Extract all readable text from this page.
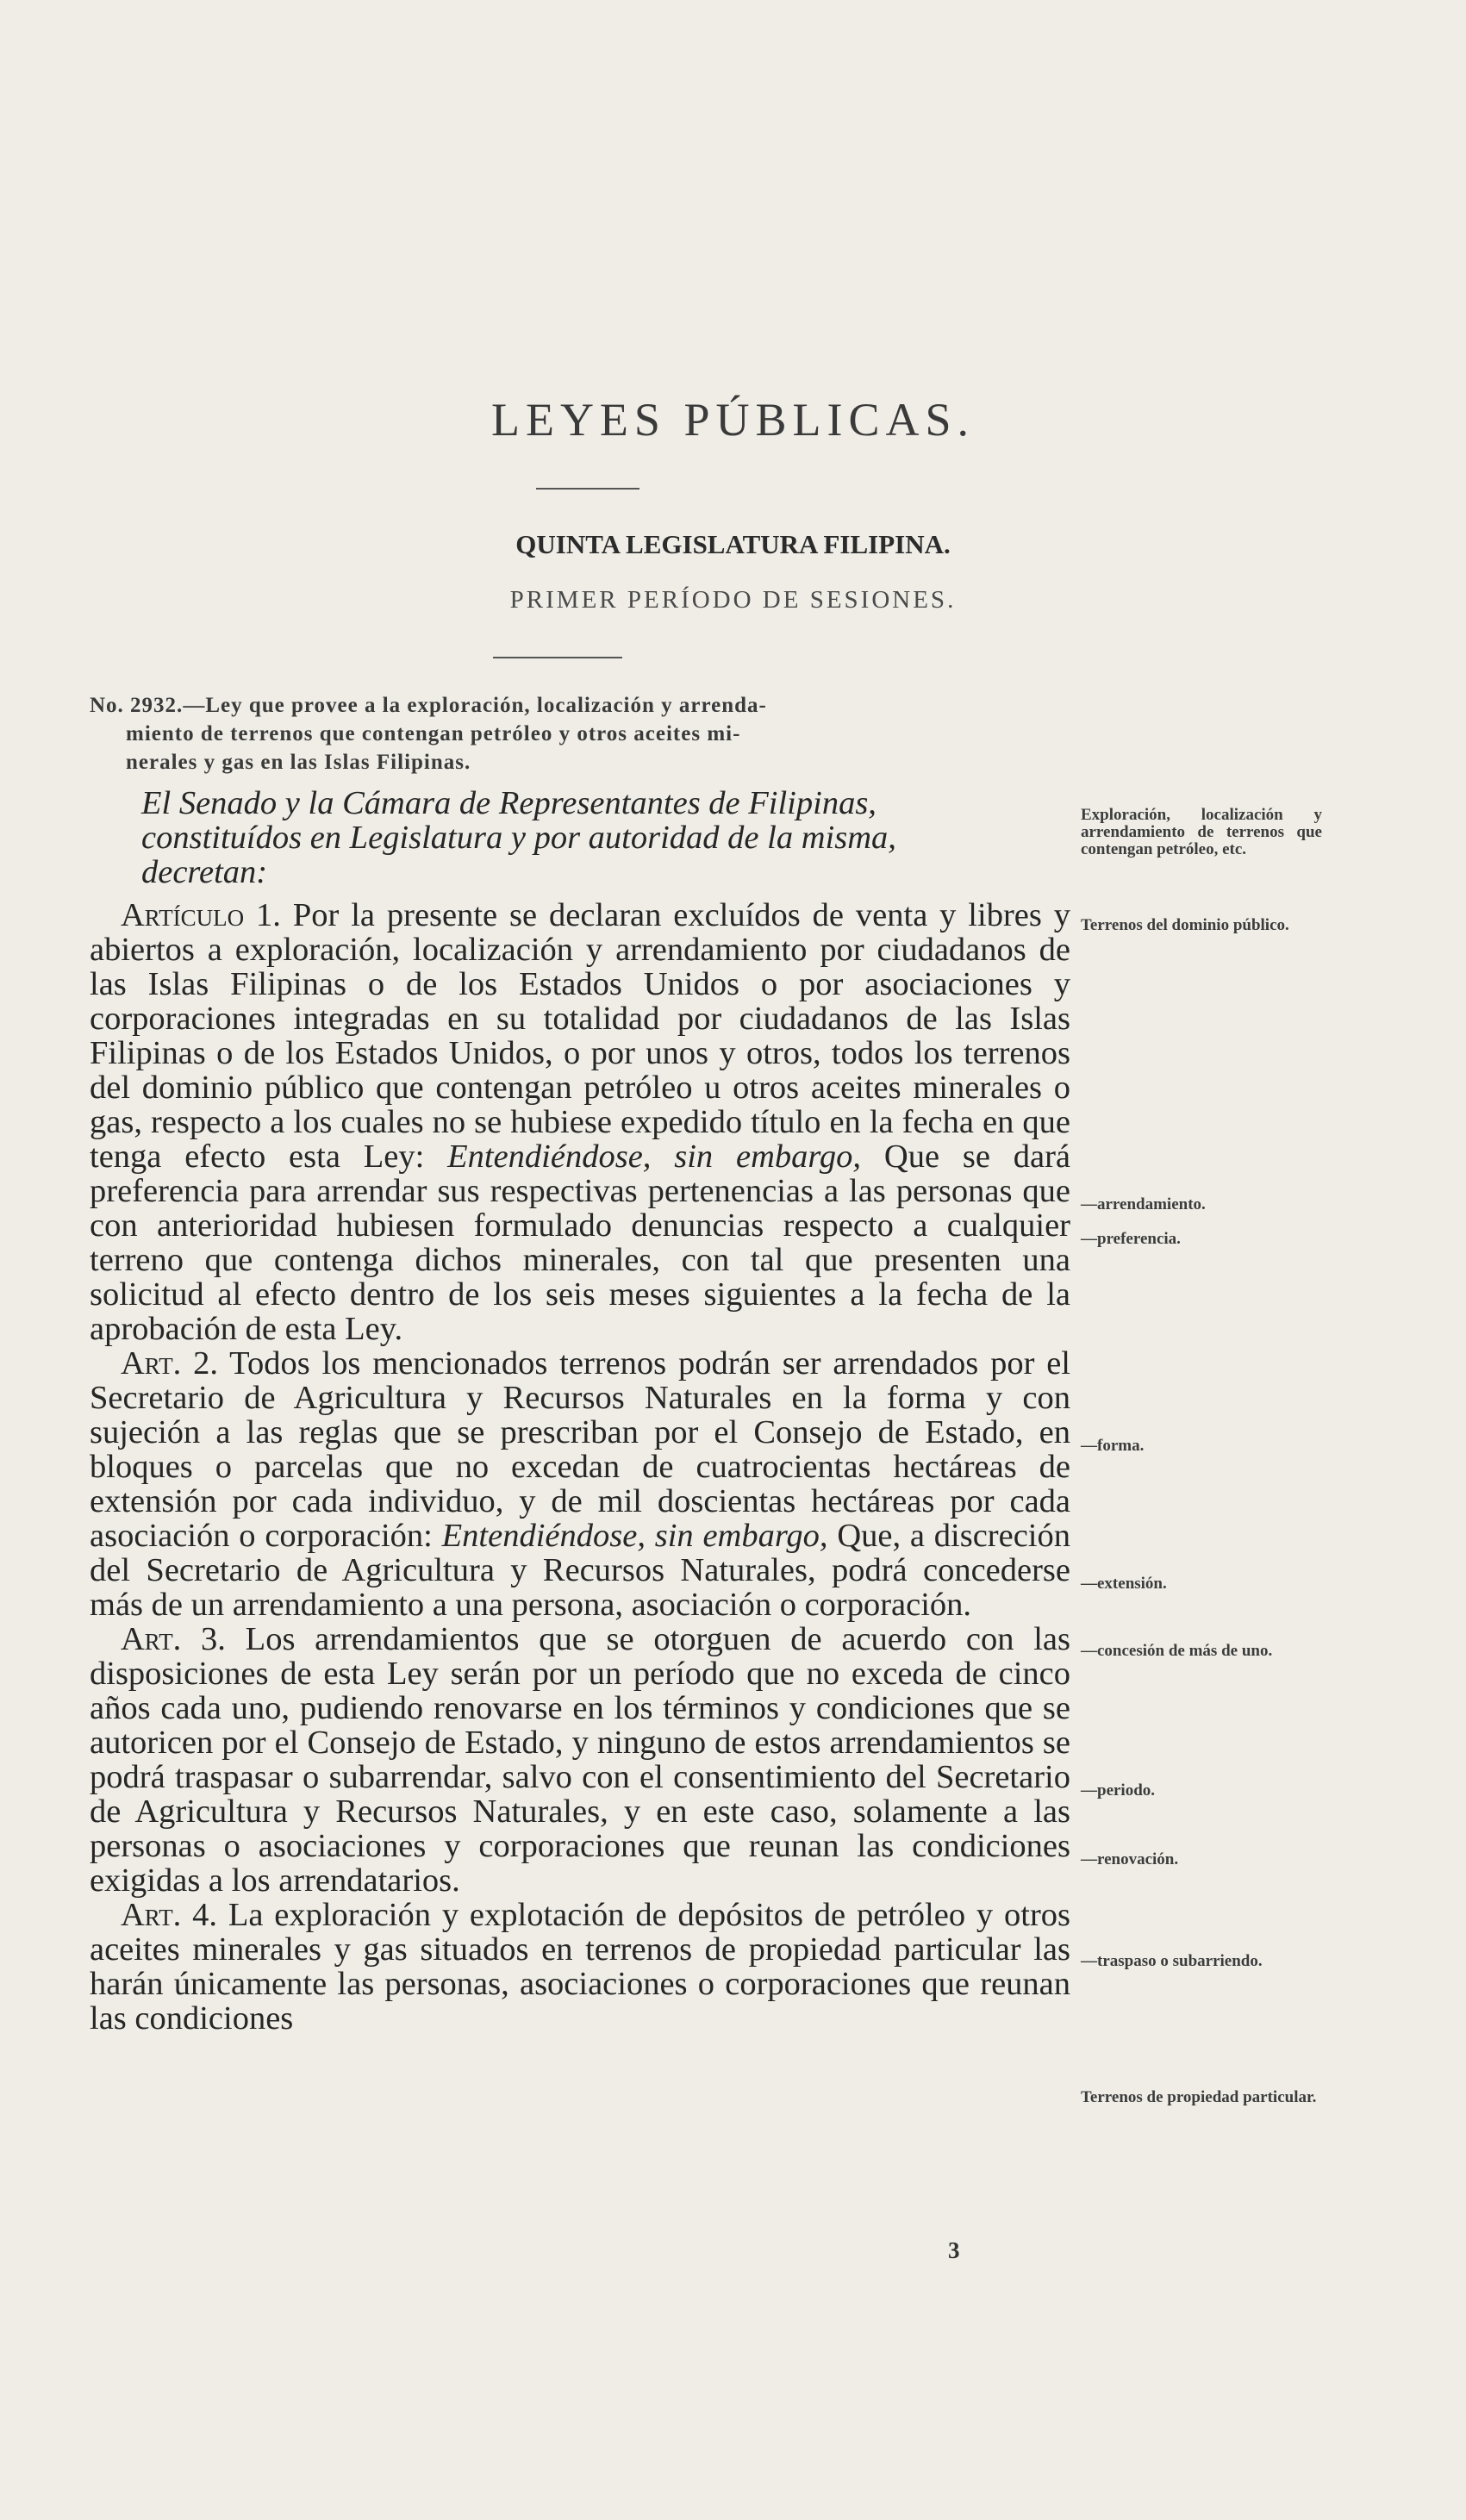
LEYES PÚBLICAS.
QUINTA LEGISLATURA FILIPINA.
PRIMER PERÍODO DE SESIONES.
No. 2932.—Ley que provee a la exploración, localización y arrenda-
miento de terrenos que contengan petróleo y otros aceites mi-
nerales y gas en las Islas Filipinas.

El Senado y la Cámara de Representantes de Filipinas,
constituídos en Legislatura y por autoridad de la misma,
decretan:

Artículo 1. Por la presente se declaran excluídos de venta y libres y abiertos a exploración, localización y arrendamiento por ciudadanos de las Islas Filipinas o de los Estados Unidos o por asociaciones y corporaciones integradas en su totalidad por ciudadanos de las Islas Filipinas o de los Estados Unidos, o por unos y otros, todos los terrenos del dominio público que contengan petróleo u otros aceites minerales o gas, respecto a los cuales no se hubiese expedido título en la fecha en que tenga efecto esta Ley: Entendiéndose, sin embargo, Que se dará preferencia para arrendar sus respectivas pertenencias a las personas que con anterioridad hubiesen formulado denuncias respecto a cualquier terreno que contenga dichos minerales, con tal que presenten una solicitud al efecto dentro de los seis meses siguientes a la fecha de la aprobación de esta Ley.

Art. 2. Todos los mencionados terrenos podrán ser arrendados por el Secretario de Agricultura y Recursos Naturales en la forma y con sujeción a las reglas que se prescriban por el Consejo de Estado, en bloques o parcelas que no excedan de cuatrocientas hectáreas de extensión por cada individuo, y de mil doscientas hectáreas por cada asociación o corporación: Entendiéndose, sin embargo, Que, a discreción del Secretario de Agricultura y Recursos Naturales, podrá concederse más de un arrendamiento a una persona, asociación o corporación.

Art. 3. Los arrendamientos que se otorguen de acuerdo con las disposiciones de esta Ley serán por un período que no exceda de cinco años cada uno, pudiendo renovarse en los términos y condiciones que se autoricen por el Consejo de Estado, y ninguno de estos arrendamientos se podrá traspasar o subarrendar, salvo con el consentimiento del Secretario de Agricultura y Recursos Naturales, y en este caso, solamente a las personas o asociaciones y corporaciones que reunan las condiciones exigidas a los arrendatarios.

Art. 4. La exploración y explotación de depósitos de petróleo y otros aceites minerales y gas situados en terrenos de propiedad particular las harán únicamente las personas, asociaciones o corporaciones que reunan las condiciones

Exploración, localización y arrendamiento de terrenos que contengan petróleo, etc.
Terrenos del dominio público.
—arrendamiento.
—preferencia.
—forma.
—extensión.
—concesión de más de uno.
—periodo.
—renovación.
—traspaso o subarriendo.
Terrenos de propiedad particular.
3
